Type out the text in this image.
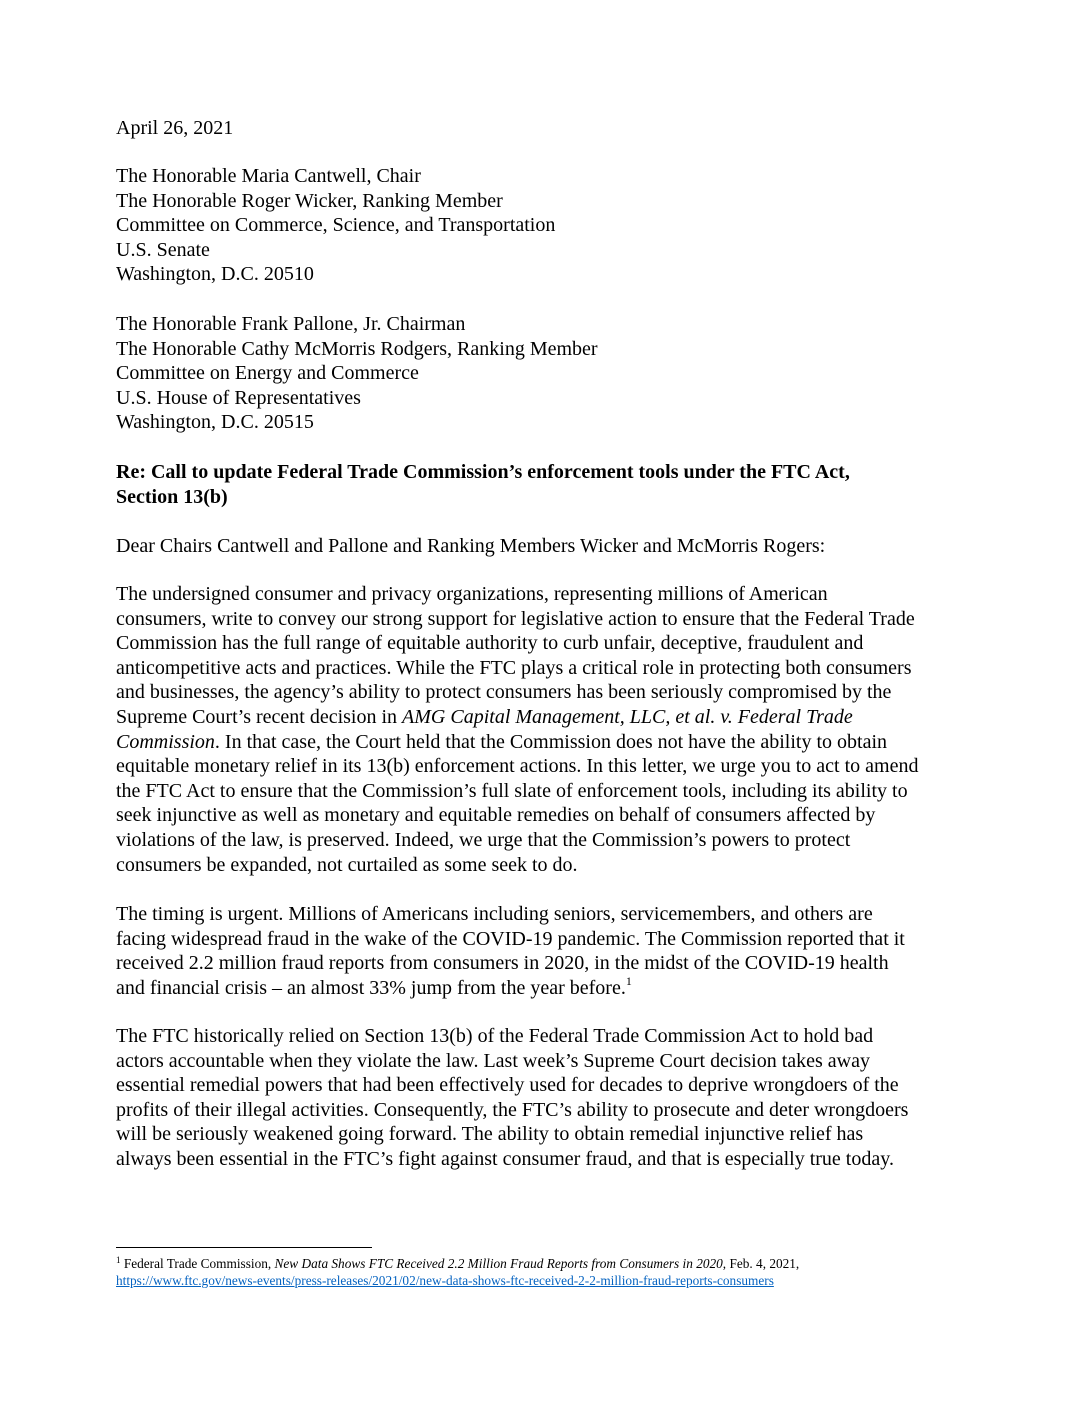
April 26, 2021
The Honorable Maria Cantwell, Chair
The Honorable Roger Wicker, Ranking Member
Committee on Commerce, Science, and Transportation
U.S. Senate
Washington, D.C. 20510
The Honorable Frank Pallone, Jr. Chairman
The Honorable Cathy McMorris Rodgers, Ranking Member
Committee on Energy and Commerce
U.S. House of Representatives
Washington, D.C. 20515
Re: Call to update Federal Trade Commission’s enforcement tools under the FTC Act,
Section 13(b)
Dear Chairs Cantwell and Pallone and Ranking Members Wicker and McMorris Rogers:
The undersigned consumer and privacy organizations, representing millions of American
consumers, write to convey our strong support for legislative action to ensure that the Federal Trade
Commission has the full range of equitable authority to curb unfair, deceptive, fraudulent and
anticompetitive acts and practices. While the FTC plays a critical role in protecting both consumers
and businesses, the agency’s ability to protect consumers has been seriously compromised by the
Supreme Court’s recent decision in AMG Capital Management, LLC, et al. v. Federal Trade
Commission. In that case, the Court held that the Commission does not have the ability to obtain
equitable monetary relief in its 13(b) enforcement actions. In this letter, we urge you to act to amend
the FTC Act to ensure that the Commission’s full slate of enforcement tools, including its ability to
seek injunctive as well as monetary and equitable remedies on behalf of consumers affected by
violations of the law, is preserved. Indeed, we urge that the Commission’s powers to protect
consumers be expanded, not curtailed as some seek to do.
The timing is urgent. Millions of Americans including seniors, servicemembers, and others are
facing widespread fraud in the wake of the COVID-19 pandemic. The Commission reported that it
received 2.2 million fraud reports from consumers in 2020, in the midst of the COVID-19 health
and financial crisis – an almost 33% jump from the year before.$^1$
The FTC historically relied on Section 13(b) of the Federal Trade Commission Act to hold bad
actors accountable when they violate the law. Last week’s Supreme Court decision takes away
essential remedial powers that had been effectively used for decades to deprive wrongdoers of the
profits of their illegal activities. Consequently, the FTC’s ability to prosecute and deter wrongdoers
will be seriously weakened going forward. The ability to obtain remedial injunctive relief has
always been essential in the FTC’s fight against consumer fraud, and that is especially true today.
$^1$ Federal Trade Commission, New Data Shows FTC Received 2.2 Million Fraud Reports from Consumers in 2020, Feb. 4, 2021,
https://www.ftc.gov/news-events/press-releases/2021/02/new-data-shows-ftc-received-2-2-million-fraud-reports-consumers
